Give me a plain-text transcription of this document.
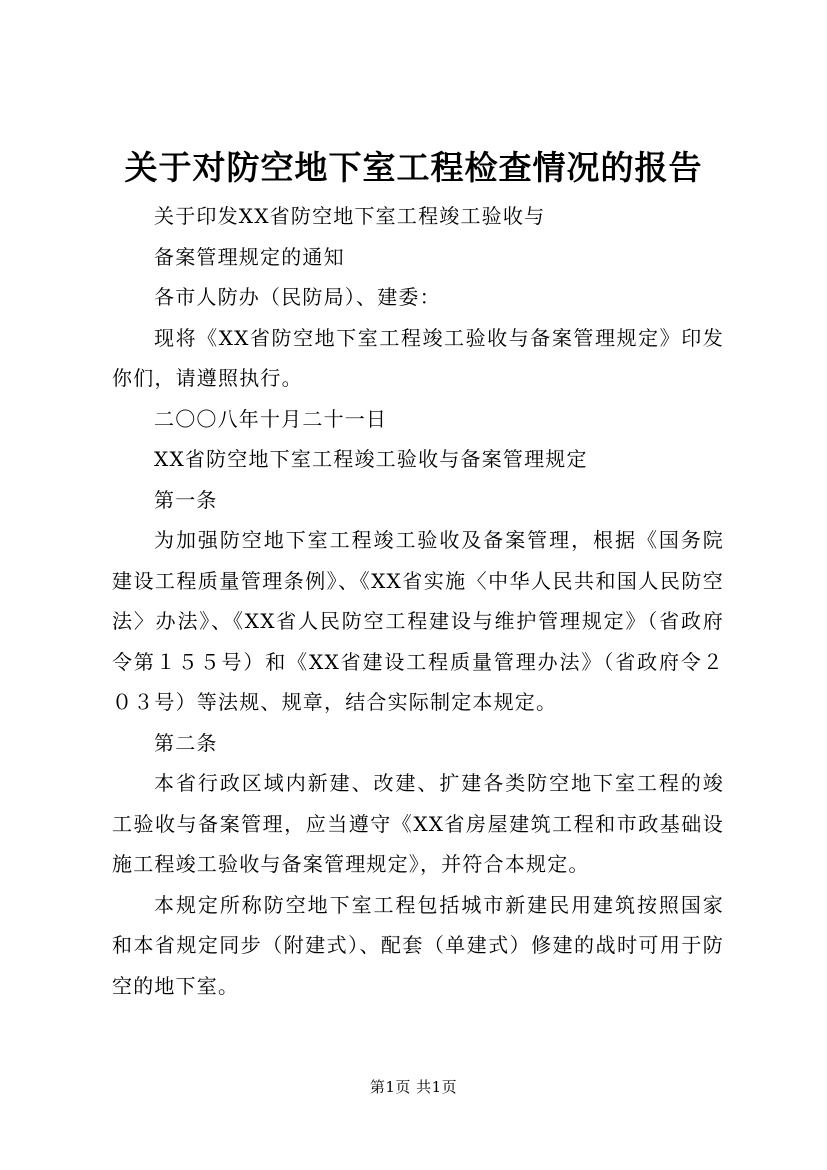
关于对防空地下室工程检查情况的报告

关于印发XX省防空地下室工程竣工验收与

备案管理规定的通知

各市人防办（民防局）、建委：

现将《XX省防空地下室工程竣工验收与备案管理规定》印发你们，请遵照执行。

二〇〇八年十月二十一日

XX省防空地下室工程竣工验收与备案管理规定

第一条

为加强防空地下室工程竣工验收及备案管理，根据《国务院建设工程质量管理条例》、《XX省实施〈中华人民共和国人民防空法〉办法》、《XX省人民防空工程建设与维护管理规定》（省政府令第１５５号）和《XX省建设工程质量管理办法》（省政府令２０３号）等法规、规章，结合实际制定本规定。

第二条

本省行政区域内新建、改建、扩建各类防空地下室工程的竣工验收与备案管理，应当遵守《XX省房屋建筑工程和市政基础设施工程竣工验收与备案管理规定》，并符合本规定。

本规定所称防空地下室工程包括城市新建民用建筑按照国家和本省规定同步（附建式）、配套（单建式）修建的战时可用于防空的地下室。

第1页 共1页
